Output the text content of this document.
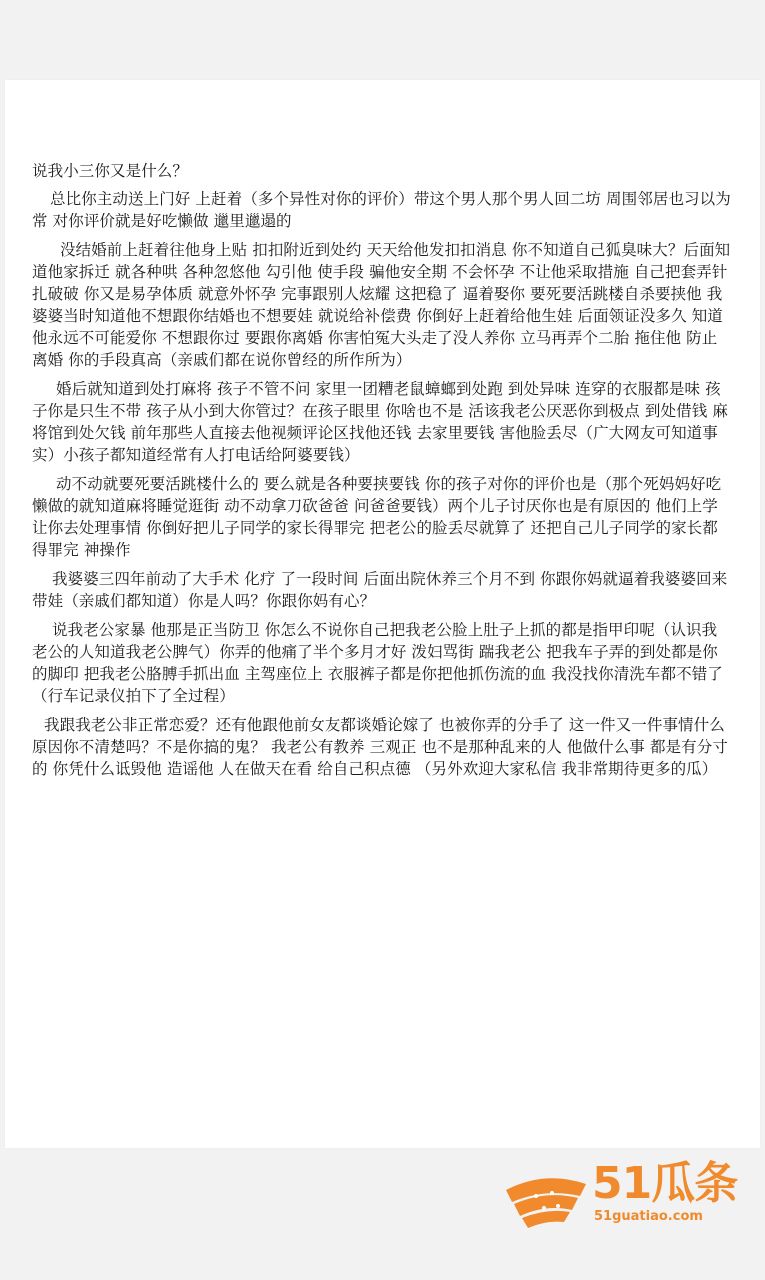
说我小三你又是什么？

总比你主动送上门好 上赶着（多个异性对你的评价）带这个男人那个男人回二坊 周围邻居也习以为常 对你评价就是好吃懒做 邋里邋遢的

没结婚前上赶着往他身上贴 扣扣附近到处约 天天给他发扣扣消息 你不知道自己狐臭味大？后面知道他家拆迁 就各种哄 各种忽悠他 勾引他 使手段 骗他安全期 不会怀孕 不让他采取措施 自己把套弄针扎破破 你又是易孕体质 就意外怀孕 完事跟别人炫耀 这把稳了 逼着娶你 要死要活跳楼自杀要挟他 我婆婆当时知道他不想跟你结婚也不想要娃 就说给补偿费 你倒好上赶着给他生娃 后面领证没多久 知道他永远不可能爱你 不想跟你过 要跟你离婚 你害怕冤大头走了没人养你 立马再弄个二胎 拖住他 防止离婚 你的手段真高（亲戚们都在说你曾经的所作所为）

婚后就知道到处打麻将 孩子不管不问 家里一团糟老鼠蟑螂到处跑 到处异味 连穿的衣服都是味 孩子你是只生不带 孩子从小到大你管过？在孩子眼里 你啥也不是 活该我老公厌恶你到极点 到处借钱 麻将馆到处欠钱 前年那些人直接去他视频评论区找他还钱 去家里要钱 害他脸丢尽（广大网友可知道事实）小孩子都知道经常有人打电话给阿婆要钱）

动不动就要死要活跳楼什么的 要么就是各种要挟要钱 你的孩子对你的评价也是（那个死妈妈好吃懒做的就知道麻将睡觉逛街 动不动拿刀砍爸爸 问爸爸要钱）两个儿子讨厌你也是有原因的 他们上学 让你去处理事情 你倒好把儿子同学的家长得罪完 把老公的脸丢尽就算了 还把自己儿子同学的家长都得罪完 神操作

我婆婆三四年前动了大手术 化疗 了一段时间 后面出院休养三个月不到 你跟你妈就逼着我婆婆回来带娃（亲戚们都知道）你是人吗？你跟你妈有心？

说我老公家暴 他那是正当防卫 你怎么不说你自己把我老公脸上肚子上抓的都是指甲印呢（认识我老公的人知道我老公脾气）你弄的他痛了半个多月才好 泼妇骂街 踹我老公 把我车子弄的到处都是你的脚印 把我老公胳膊手抓出血 主驾座位上 衣服裤子都是你把他抓伤流的血 我没找你清洗车都不错了（行车记录仪拍下了全过程）

我跟我老公非正常恋爱？还有他跟他前女友都谈婚论嫁了 也被你弄的分手了 这一件又一件事情什么原因你不清楚吗？不是你搞的鬼？ 我老公有教养 三观正 也不是那种乱来的人 他做什么事 都是有分寸的 你凭什么诋毁他 造谣他 人在做天在看 给自己积点德 （另外欢迎大家私信 我非常期待更多的瓜）

51瓜条
51guatiao.com
